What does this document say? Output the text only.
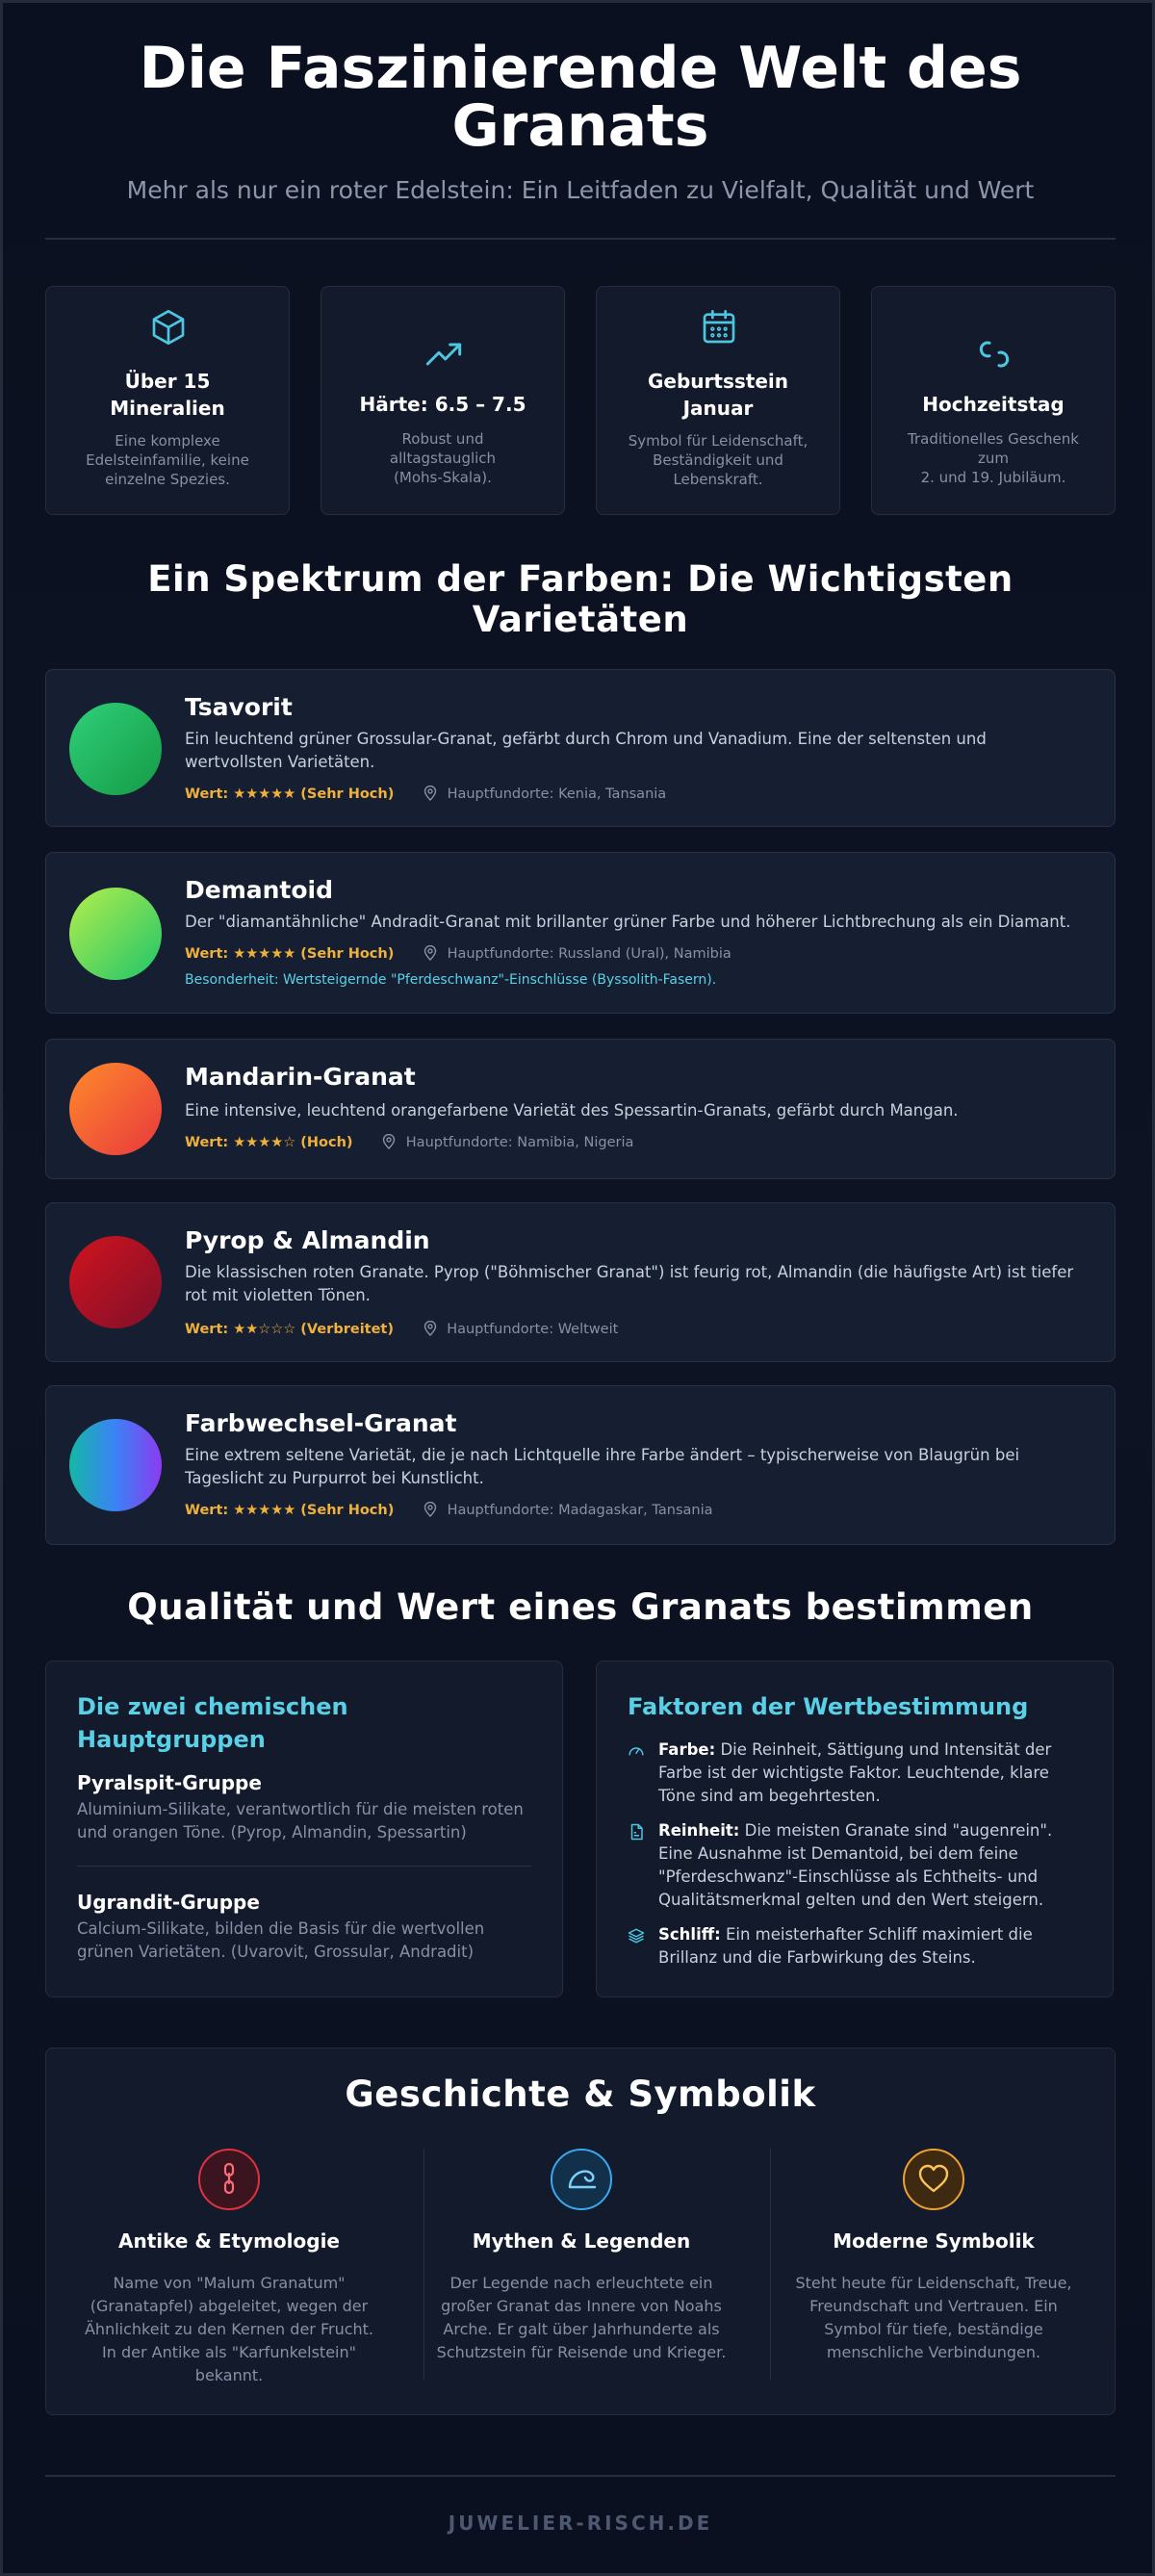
Die Faszinierende Welt des
Granats
Mehr als nur ein roter Edelstein: Ein Leitfaden zu Vielfalt, Qualität und Wert
Über 15
Mineralien
Eine komplexe
Edelsteinfamilie, keine
einzelne Spezies.
Härte: 6.5 – 7.5
Robust und alltagstauglich
(Mohs-Skala).
Geburtsstein
Januar
Symbol für Leidenschaft,
Beständigkeit und
Lebenskraft.
Hochzeitstag
Traditionelles Geschenk zum
2. und 19. Jubiläum.
Ein Spektrum der Farben: Die Wichtigsten
Varietäten
Tsavorit
Ein leuchtend grüner Grossular-Granat, gefärbt durch Chrom und Vanadium. Eine der seltensten und wertvollsten Varietäten.
Wert: ★★★★★ (Sehr Hoch)	Hauptfundorte: Kenia, Tansania
Demantoid
Der "diamantähnliche" Andradit-Granat mit brillanter grüner Farbe und höherer Lichtbrechung als ein Diamant.
Wert: ★★★★★ (Sehr Hoch)	Hauptfundorte: Russland (Ural), Namibia
Besonderheit: Wertsteigernde "Pferdeschwanz"-Einschlüsse (Byssolith-Fasern).
Mandarin-Granat
Eine intensive, leuchtend orangefarbene Varietät des Spessartin-Granats, gefärbt durch Mangan.
Wert: ★★★★☆ (Hoch)	Hauptfundorte: Namibia, Nigeria
Pyrop & Almandin
Die klassischen roten Granate. Pyrop ("Böhmischer Granat") ist feurig rot, Almandin (die häufigste Art) ist tiefer rot mit violetten Tönen.
Wert: ★★☆☆☆ (Verbreitet)	Hauptfundorte: Weltweit
Farbwechsel-Granat
Eine extrem seltene Varietät, die je nach Lichtquelle ihre Farbe ändert – typischerweise von Blaugrün bei Tageslicht zu Purpurrot bei Kunstlicht.
Wert: ★★★★★ (Sehr Hoch)	Hauptfundorte: Madagaskar, Tansania
Qualität und Wert eines Granats bestimmen
Die zwei chemischen
Hauptgruppen
Pyralspit-Gruppe
Aluminium-Silikate, verantwortlich für die meisten roten und orangen Töne. (Pyrop, Almandin, Spessartin)
Ugrandit-Gruppe
Calcium-Silikate, bilden die Basis für die wertvollen grünen Varietäten. (Uvarovit, Grossular, Andradit)
Faktoren der Wertbestimmung
Farbe: Die Reinheit, Sättigung und Intensität der Farbe ist der wichtigste Faktor. Leuchtende, klare Töne sind am begehrtesten.
Reinheit: Die meisten Granate sind "augenrein". Eine Ausnahme ist Demantoid, bei dem feine "Pferdeschwanz"-Einschlüsse als Echtheits- und Qualitätsmerkmal gelten und den Wert steigern.
Schliff: Ein meisterhafter Schliff maximiert die Brillanz und die Farbwirkung des Steins.
Geschichte & Symbolik
Antike & Etymologie
Name von "Malum Granatum" (Granatapfel) abgeleitet, wegen der Ähnlichkeit zu den Kernen der Frucht. In der Antike als "Karfunkelstein" bekannt.
Mythen & Legenden
Der Legende nach erleuchtete ein großer Granat das Innere von Noahs Arche. Er galt über Jahrhunderte als Schutzstein für Reisende und Krieger.
Moderne Symbolik
Steht heute für Leidenschaft, Treue, Freundschaft und Vertrauen. Ein Symbol für tiefe, beständige menschliche Verbindungen.
JUWELIER-RISCH.DE
